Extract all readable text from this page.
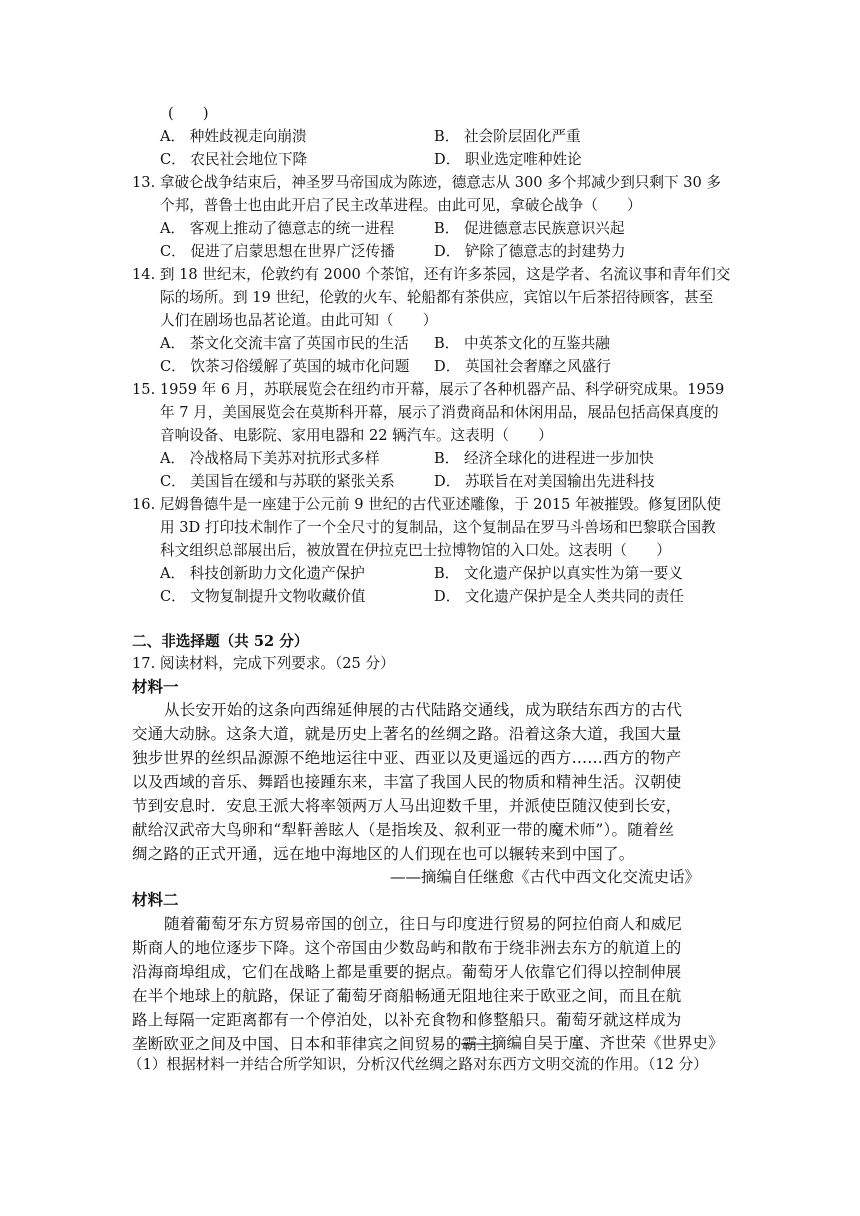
(　　)
A． 种姓歧视走向崩溃	B． 社会阶层固化严重
C． 农民社会地位下降	D． 职业选定唯种姓论
13. 拿破仑战争结束后，神圣罗马帝国成为陈迹，德意志从 300 多个邦减少到只剩下 30 多
个邦，普鲁士也由此开启了民主改革进程。由此可见，拿破仑战争（　　）
A． 客观上推动了德意志的统一进程	B． 促进德意志民族意识兴起
C． 促进了启蒙思想在世界广泛传播	D． 铲除了德意志的封建势力
14. 到 18 世纪末，伦敦约有 2000 个茶馆，还有许多茶园，这是学者、名流议事和青年们交
际的场所。到 19 世纪，伦敦的火车、轮船都有茶供应，宾馆以午后茶招待顾客，甚至
人们在剧场也品茗论道。由此可知（　　）
A． 茶文化交流丰富了英国市民的生活 B． 中英茶文化的互鉴共融
C． 饮茶习俗缓解了英国的城市化问题 D． 英国社会奢靡之风盛行
15. 1959 年 6 月，苏联展览会在纽约市开幕，展示了各种机器产品、科学研究成果。1959
年 7 月，美国展览会在莫斯科开幕，展示了消费商品和休闲用品，展品包括高保真度的
音响设备、电影院、家用电器和 22 辆汽车。这表明（　　）
A． 冷战格局下美苏对抗形式多样	B． 经济全球化的进程进一步加快
C． 美国旨在缓和与苏联的紧张关系	D． 苏联旨在对美国输出先进科技
16. 尼姆鲁德牛是一座建于公元前 9 世纪的古代亚述雕像，于 2015 年被摧毁。修复团队使
用 3D 打印技术制作了一个全尺寸的复制品，这个复制品在罗马斗兽场和巴黎联合国教
科文组织总部展出后，被放置在伊拉克巴士拉博物馆的入口处。这表明（　　）
A． 科技创新助力文化遗产保护	B． 文化遗产保护以真实性为第一要义
C． 文物复制提升文物收藏价值	D． 文化遗产保护是全人类共同的责任
二、非选择题（共 52 分）
17. 阅读材料，完成下列要求。（25 分）
材料一
从长安开始的这条向西绵延伸展的古代陆路交通线，成为联结东西方的古代
交通大动脉。这条大道，就是历史上著名的丝绸之路。沿着这条大道，我国大量
独步世界的丝织品源源不绝地运往中亚、西亚以及更遥远的西方……西方的物产
以及西域的音乐、舞蹈也接踵东来，丰富了我国人民的物质和精神生活。汉朝使
节到安息时．安息王派大将率领两万人马出迎数千里，并派使臣随汉使到长安，
献给汉武帝大鸟卵和“犁靬善眩人（是指埃及、叙利亚一带的魔术师”）。随着丝
绸之路的正式开通，远在地中海地区的人们现在也可以辗转来到中国了。
——摘编自任继愈《古代中西文化交流史话》
材料二
随着葡萄牙东方贸易帝国的创立，往日与印度进行贸易的阿拉伯商人和威尼
斯商人的地位逐步下降。这个帝国由少数岛屿和散布于绕非洲去东方的航道上的
沿海商埠组成，它们在战略上都是重要的据点。葡萄牙人依靠它们得以控制伸展
在半个地球上的航路，保证了葡萄牙商船畅通无阻地往来于欧亚之间，而且在航
路上每隔一定距离都有一个停泊处，以补充食物和修整船只。葡萄牙就这样成为
垄断欧亚之间及中国、日本和菲律宾之间贸易的霸主。
——摘编自吴于廑、齐世荣《世界史》
（1）根据材料一并结合所学知识，分析汉代丝绸之路对东西方文明交流的作用。（12 分）
